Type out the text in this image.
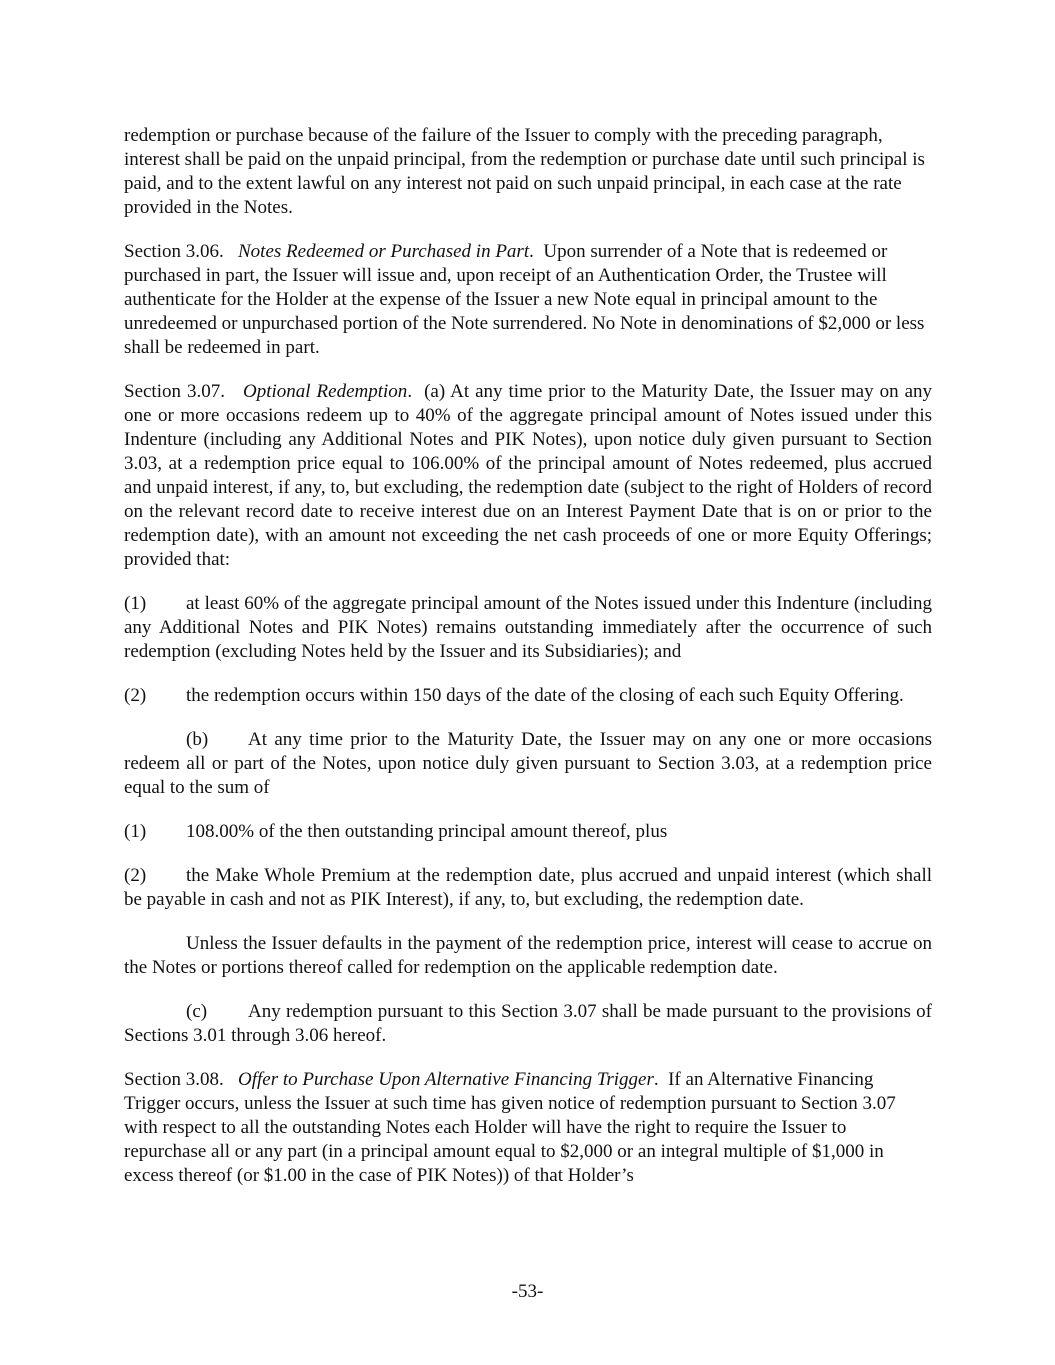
redemption or purchase because of the failure of the Issuer to comply with the preceding paragraph, interest shall be paid on the unpaid principal, from the redemption or purchase date until such principal is paid, and to the extent lawful on any interest not paid on such unpaid principal, in each case at the rate provided in the Notes.

Section 3.06. Notes Redeemed or Purchased in Part.  Upon surrender of a Note that is redeemed or purchased in part, the Issuer will issue and, upon receipt of an Authentication Order, the Trustee will authenticate for the Holder at the expense of the Issuer a new Note equal in principal amount to the unredeemed or unpurchased portion of the Note surrendered. No Note in denominations of $2,000 or less shall be redeemed in part.

Section 3.07. Optional Redemption.  (a) At any time prior to the Maturity Date, the Issuer may on any one or more occasions redeem up to 40% of the aggregate principal amount of Notes issued under this Indenture (including any Additional Notes and PIK Notes), upon notice duly given pursuant to Section 3.03, at a redemption price equal to 106.00% of the principal amount of Notes redeemed, plus accrued and unpaid interest, if any, to, but excluding, the redemption date (subject to the right of Holders of record on the relevant record date to receive interest due on an Interest Payment Date that is on or prior to the redemption date), with an amount not exceeding the net cash proceeds of one or more Equity Offerings; provided that:

(1) at least 60% of the aggregate principal amount of the Notes issued under this Indenture (including any Additional Notes and PIK Notes) remains outstanding immediately after the occurrence of such redemption (excluding Notes held by the Issuer and its Subsidiaries); and

(2) the redemption occurs within 150 days of the date of the closing of each such Equity Offering.

(b) At any time prior to the Maturity Date, the Issuer may on any one or more occasions redeem all or part of the Notes, upon notice duly given pursuant to Section 3.03, at a redemption price equal to the sum of

(1) 108.00% of the then outstanding principal amount thereof, plus

(2) the Make Whole Premium at the redemption date, plus accrued and unpaid interest (which shall be payable in cash and not as PIK Interest), if any, to, but excluding, the redemption date.

Unless the Issuer defaults in the payment of the redemption price, interest will cease to accrue on the Notes or portions thereof called for redemption on the applicable redemption date.

(c) Any redemption pursuant to this Section 3.07 shall be made pursuant to the provisions of Sections 3.01 through 3.06 hereof.

Section 3.08. Offer to Purchase Upon Alternative Financing Trigger.  If an Alternative Financing Trigger occurs, unless the Issuer at such time has given notice of redemption pursuant to Section 3.07 with respect to all the outstanding Notes each Holder will have the right to require the Issuer to repurchase all or any part (in a principal amount equal to $2,000 or an integral multiple of $1,000 in excess thereof (or $1.00 in the case of PIK Notes)) of that Holder’s

-53-
